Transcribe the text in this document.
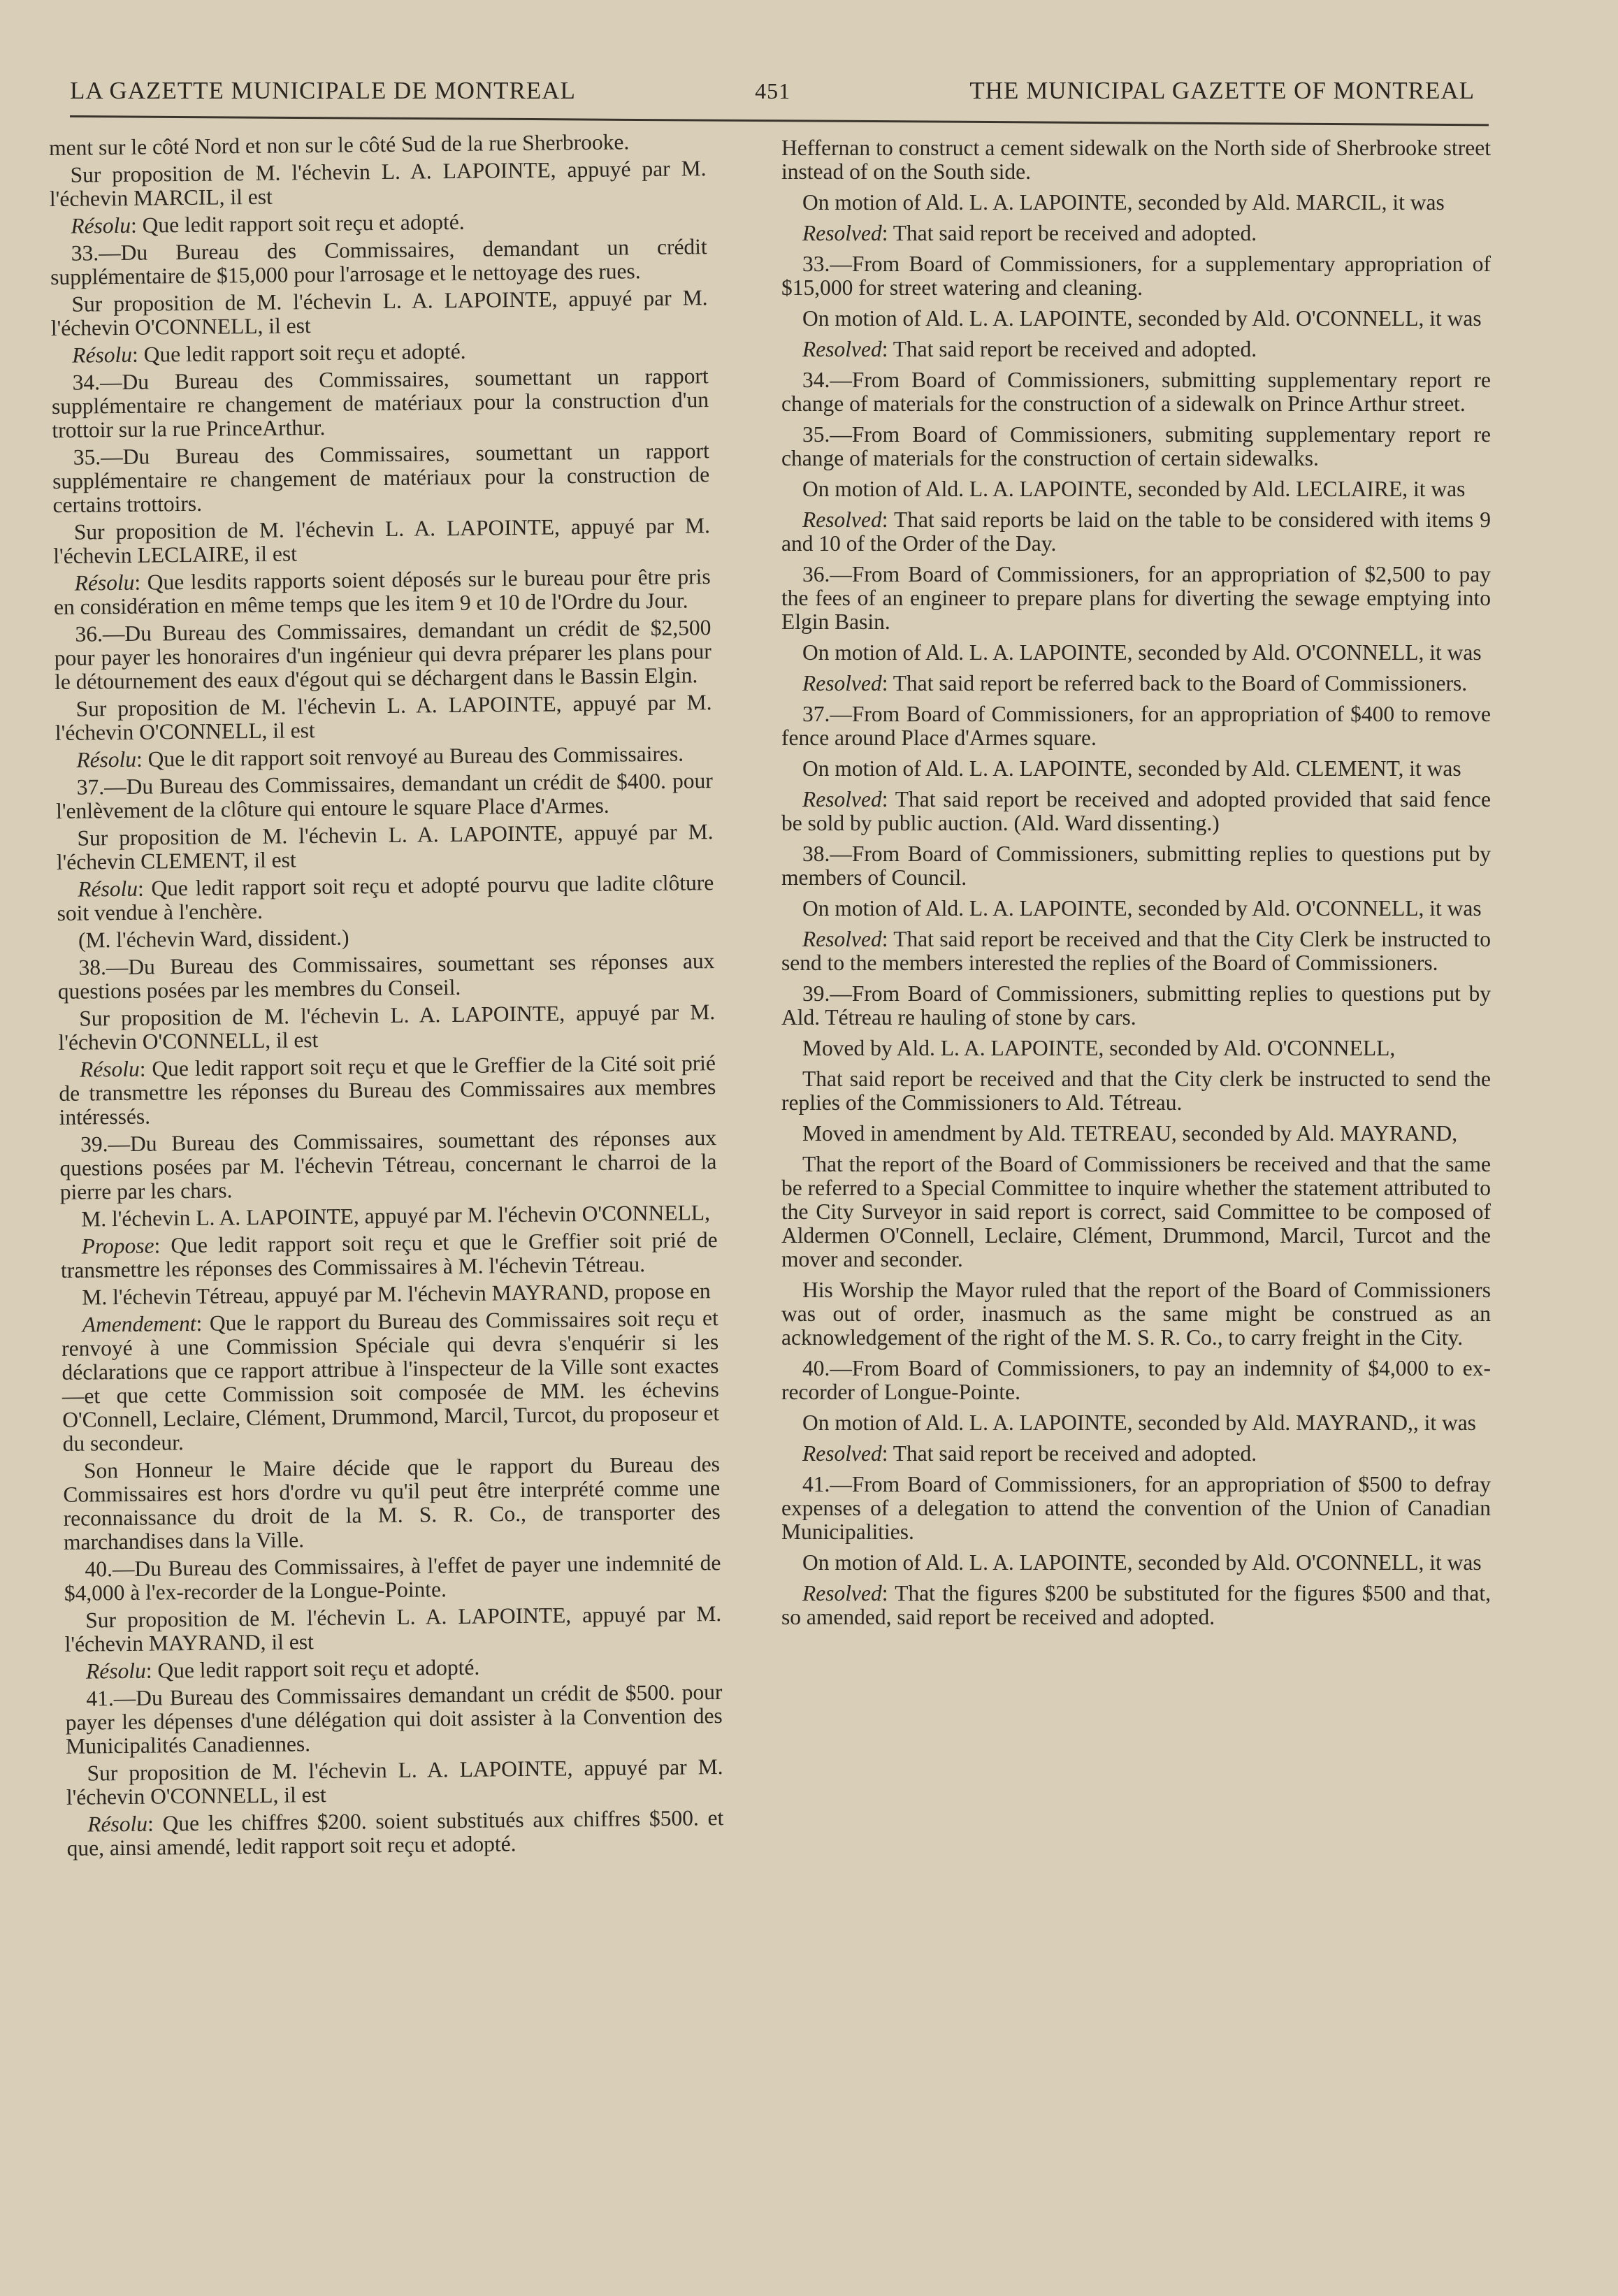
LA GAZETTE MUNICIPALE DE MONTREAL	451	THE MUNICIPAL GAZETTE OF MONTREAL

ment sur le côté Nord et non sur le côté Sud de la rue Sherbrooke.

Sur proposition de M. l'échevin L. A. LAPOINTE, appuyé par M. l'échevin MARCIL, il est

Résolu: Que ledit rapport soit reçu et adopté.

33.—Du Bureau des Commissaires, demandant un crédit supplémentaire de $15,000 pour l'arrosage et le nettoyage des rues.

Sur proposition de M. l'échevin L. A. LAPOINTE, appuyé par M. l'échevin O'CONNELL, il est

Résolu: Que ledit rapport soit reçu et adopté.

34.—Du Bureau des Commissaires, soumettant un rapport supplémentaire re changement de matériaux pour la construction d'un trottoir sur la rue PrinceArthur.

35.—Du Bureau des Commissaires, soumettant un rapport supplémentaire re changement de matériaux pour la construction de certains trottoirs.

Sur proposition de M. l'échevin L. A. LAPOINTE, appuyé par M. l'échevin LECLAIRE, il est

Résolu: Que lesdits rapports soient déposés sur le bureau pour être pris en considération en même temps que les item 9 et 10 de l'Ordre du Jour.

36.—Du Bureau des Commissaires, demandant un crédit de $2,500 pour payer les honoraires d'un ingénieur qui devra préparer les plans pour le détournement des eaux d'égout qui se déchargent dans le Bassin Elgin.

Sur proposition de M. l'échevin L. A. LAPOINTE, appuyé par M. l'échevin O'CONNELL, il est

Résolu: Que le dit rapport soit renvoyé au Bureau des Commissaires.

37.—Du Bureau des Commissaires, demandant un crédit de $400. pour l'enlèvement de la clôture qui entoure le square Place d'Armes.

Sur proposition de M. l'échevin L. A. LAPOINTE, appuyé par M. l'échevin CLEMENT, il est

Résolu: Que ledit rapport soit reçu et adopté pourvu que ladite clôture soit vendue à l'enchère.

(M. l'échevin Ward, dissident.)

38.—Du Bureau des Commissaires, soumettant ses réponses aux questions posées par les membres du Conseil.

Sur proposition de M. l'échevin L. A. LAPOINTE, appuyé par M. l'échevin O'CONNELL, il est

Résolu: Que ledit rapport soit reçu et que le Greffier de la Cité soit prié de transmettre les réponses du Bureau des Commissaires aux membres intéressés.

39.—Du Bureau des Commissaires, soumettant des réponses aux questions posées par M. l'échevin Tétreau, concernant le charroi de la pierre par les chars.

M. l'échevin L. A. LAPOINTE, appuyé par M. l'échevin O'CONNELL,

Propose: Que ledit rapport soit reçu et que le Greffier soit prié de transmettre les réponses des Commissaires à M. l'échevin Tétreau.

M. l'échevin Tétreau, appuyé par M. l'échevin MAYRAND, propose en

Amendement: Que le rapport du Bureau des Commissaires soit reçu et renvoyé à une Commission Spéciale qui devra s'enquérir si les déclarations que ce rapport attribue à l'inspecteur de la Ville sont exactes—et que cette Commission soit composée de MM. les échevins O'Connell, Leclaire, Clément, Drummond, Marcil, Turcot, du proposeur et du secondeur.

Son Honneur le Maire décide que le rapport du Bureau des Commissaires est hors d'ordre vu qu'il peut être interprété comme une reconnaissance du droit de la M. S. R. Co., de transporter des marchandises dans la Ville.

40.—Du Bureau des Commissaires, à l'effet de payer une indemnité de $4,000 à l'ex-recorder de la Longue-Pointe.

Sur proposition de M. l'échevin L. A. LAPOINTE, appuyé par M. l'échevin MAYRAND, il est

Résolu: Que ledit rapport soit reçu et adopté.

41.—Du Bureau des Commissaires demandant un crédit de $500. pour payer les dépenses d'une délégation qui doit assister à la Convention des Municipalités Canadiennes.

Sur proposition de M. l'échevin L. A. LAPOINTE, appuyé par M. l'échevin O'CONNELL, il est

Résolu: Que les chiffres $200. soient substitués aux chiffres $500. et que, ainsi amendé, ledit rapport soit reçu et adopté.

Heffernan to construct a cement sidewalk on the North side of Sherbrooke street instead of on the South side.

On motion of Ald. L. A. LAPOINTE, seconded by Ald. MARCIL, it was

Resolved: That said report be received and adopted.

33.—From Board of Commissioners, for a supplementary appropriation of $15,000 for street watering and cleaning.

On motion of Ald. L. A. LAPOINTE, seconded by Ald. O'CONNELL, it was

Resolved: That said report be received and adopted.

34.—From Board of Commissioners, submitting supplementary report re change of materials for the construction of a sidewalk on Prince Arthur street.

35.—From Board of Commissioners, submiting supplementary report re change of materials for the construction of certain sidewalks.

On motion of Ald. L. A. LAPOINTE, seconded by Ald. LECLAIRE, it was

Resolved: That said reports be laid on the table to be considered with items 9 and 10 of the Order of the Day.

36.—From Board of Commissioners, for an appropriation of $2,500 to pay the fees of an engineer to prepare plans for diverting the sewage emptying into Elgin Basin.

On motion of Ald. L. A. LAPOINTE, seconded by Ald. O'CONNELL, it was

Resolved: That said report be referred back to the Board of Commissioners.

37.—From Board of Commissioners, for an appropriation of $400 to remove fence around Place d'Armes square.

On motion of Ald. L. A. LAPOINTE, seconded by Ald. CLEMENT, it was

Resolved: That said report be received and adopted provided that said fence be sold by public auction. (Ald. Ward dissenting.)

38.—From Board of Commissioners, submitting replies to questions put by members of Council.

On motion of Ald. L. A. LAPOINTE, seconded by Ald. O'CONNELL, it was

Resolved: That said report be received and that the City Clerk be instructed to send to the members interested the replies of the Board of Commissioners.

39.—From Board of Commissioners, submitting replies to questions put by Ald. Tétreau re hauling of stone by cars.

Moved by Ald. L. A. LAPOINTE, seconded by Ald. O'CONNELL,

That said report be received and that the City clerk be instructed to send the replies of the Commissioners to Ald. Tétreau.

Moved in amendment by Ald. TETREAU, seconded by Ald. MAYRAND,

That the report of the Board of Commissioners be received and that the same be referred to a Special Committee to inquire whether the statement attributed to the City Surveyor in said report is correct, said Committee to be composed of Aldermen O'Connell, Leclaire, Clément, Drummond, Marcil, Turcot and the mover and seconder.

His Worship the Mayor ruled that the report of the Board of Commissioners was out of order, inasmuch as the same might be construed as an acknowledgement of the right of the M. S. R. Co., to carry freight in the City.

40.—From Board of Commissioners, to pay an indemnity of $4,000 to ex-recorder of Longue-Pointe.

On motion of Ald. L. A. LAPOINTE, seconded by Ald. MAYRAND,, it was

Resolved: That said report be received and adopted.

41.—From Board of Commissioners, for an appropriation of $500 to defray expenses of a delegation to attend the convention of the Union of Canadian Municipalities.

On motion of Ald. L. A. LAPOINTE, seconded by Ald. O'CONNELL, it was

Resolved: That the figures $200 be substituted for the figures $500 and that, so amended, said report be received and adopted.
